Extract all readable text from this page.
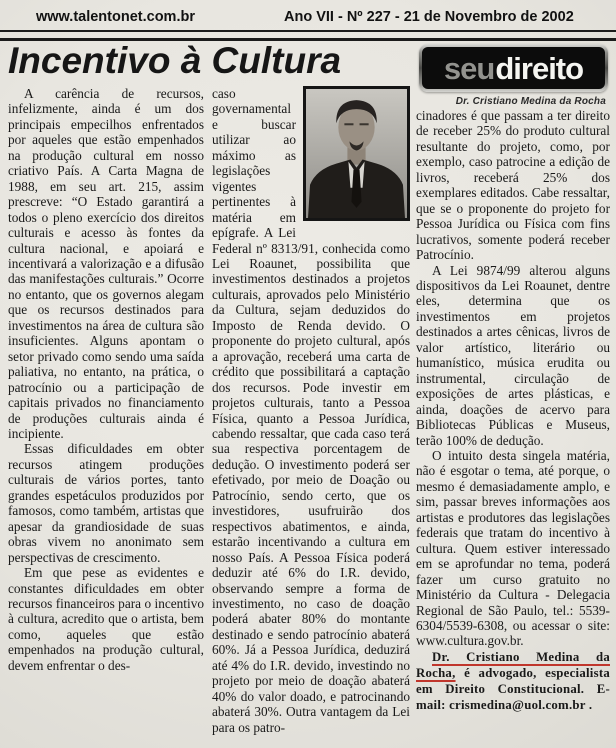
www.talentonet.com.br	Ano VII - Nº 227 - 21 de Novembro de 2002
Incentivo à Cultura	seu direito
Dr. Cristiano Medina da Rocha

A carência de recursos, infelizmente, ainda é um dos principais empecilhos enfrentados por aqueles que estão empenhados na produção cultural em nosso criativo País. A Carta Magna de 1988, em seu art. 215, assim prescreve: “O Estado garantirá a todos o pleno exercício dos direitos culturais e acesso às fontes da cultura nacional, e apoiará e incentivará a valorização e a difusão das manifestações culturais.” Ocorre no entanto, que os governos alegam que os recursos destinados para investimentos na área de cultura são insuficientes. Alguns apontam o setor privado como sendo uma saída paliativa, no entanto, na prática, o patrocínio ou a participação de capitais privados no financiamento de produções culturais ainda é incipiente.

Essas dificuldades em obter recursos atingem produções culturais de vários portes, tanto grandes espetáculos produzidos por famosos, como também, artistas que apesar da grandiosidade de suas obras vivem no anonimato sem perspectivas de crescimento.

Em que pese as evidentes e constantes dificuldades em obter recursos financeiros para o incentivo à cultura, acredito que o artista, bem como, aqueles que estão empenhados na produção cultural, devem enfrentar o des-

caso governamental e buscar utilizar ao máximo as legislações vigentes pertinentes à matéria em epígrafe. A Lei Federal nº 8313/91, conhecida como Lei Roaunet, possibilita que investimentos destinados a projetos culturais, aprovados pelo Ministério da Cultura, sejam deduzidos do Imposto de Renda devido. O proponente do projeto cultural, após a aprovação, receberá uma carta de crédito que possibilitará a captação dos recursos. Pode investir em projetos culturais, tanto a Pessoa Física, quanto a Pessoa Jurídica, cabendo ressaltar, que cada caso terá sua respectiva porcentagem de dedução. O investimento poderá ser efetivado, por meio de Doação ou Patrocínio, sendo certo, que os investidores, usufruirão dos respectivos abatimentos, e ainda, estarão incentivando a cultura em nosso País. A Pessoa Física poderá deduzir até 6% do I.R. devido, observando sempre a forma de investimento, no caso de doação poderá abater 80% do montante destinado e sendo patrocínio abaterá 60%. Já a Pessoa Jurídica, deduzirá até 4% do I.R. devido, investindo no projeto por meio de doação abaterá 40% do valor doado, e patrocinando abaterá 30%. Outra vantagem da Lei para os patro-

cinadores é que passam a ter direito de receber 25% do produto cultural resultante do projeto, como, por exemplo, caso patrocine a edição de livros, receberá 25% dos exemplares editados. Cabe ressaltar, que se o proponente do projeto for Pessoa Jurídica ou Física com fins lucrativos, somente poderá receber Patrocínio.

A Lei 9874/99 alterou alguns dispositivos da Lei Roaunet, dentre eles, determina que os investimentos em projetos destinados a artes cênicas, livros de valor artístico, literário ou humanístico, música erudita ou instrumental, circulação de exposições de artes plásticas, e ainda, doações de acervo para Bibliotecas Públicas e Museus, terão 100% de dedução.

O intuito desta singela matéria, não é esgotar o tema, até porque, o mesmo é demasiadamente amplo, e sim, passar breves informações aos artistas e produtores das legislações federais que tratam do incentivo à cultura. Quem estiver interessado em se aprofundar no tema, poderá fazer um curso gratuito no Ministério da Cultura - Delegacia Regional de São Paulo, tel.: 5539-6304/5539-6308, ou acessar o site: www.cultura.gov.br.

Dr. Cristiano Medina da Rocha, é advogado, especialista em Direito Constitucional. E-mail: crismedina@uol.com.br .
